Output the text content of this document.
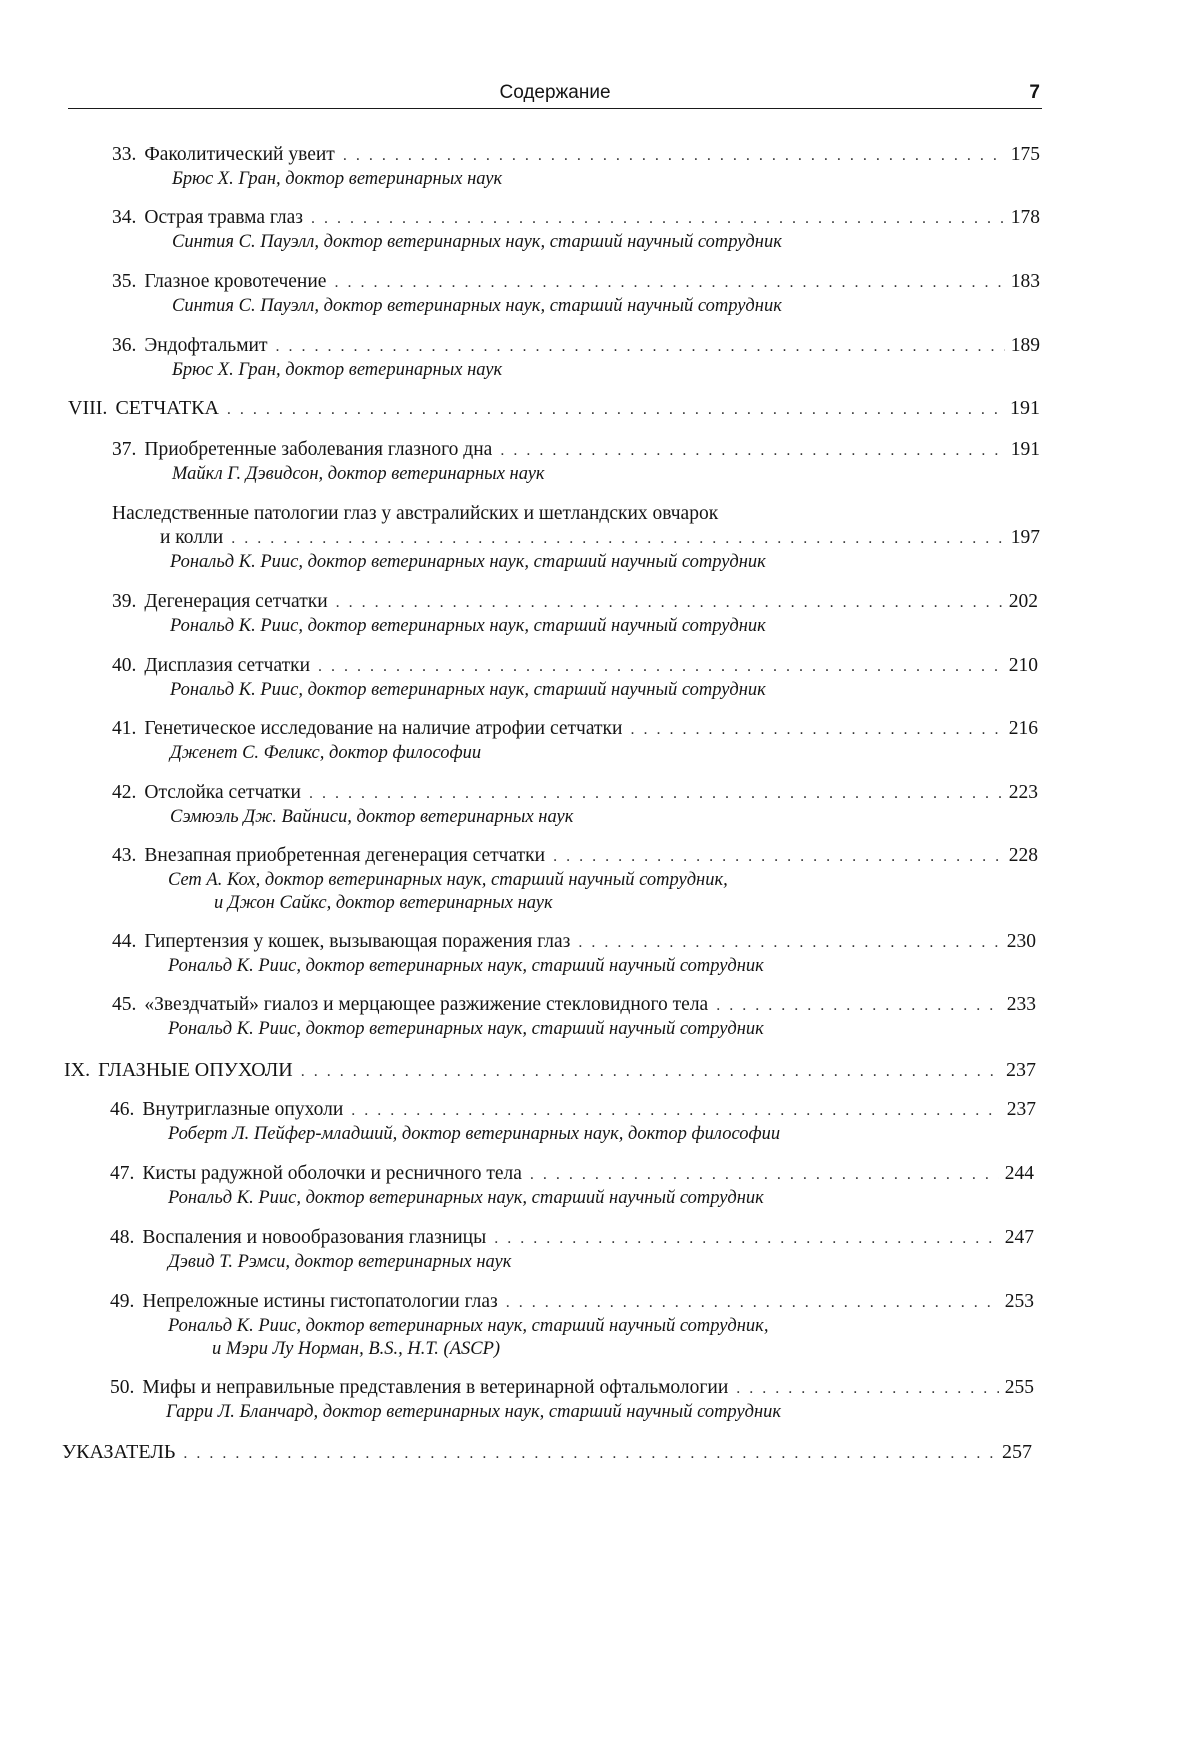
Содержание	7
33. Факолитический увеит . . .	175
Брюс Х. Гран, доктор ветеринарных наук
34. Острая травма глаз . . .	178
Синтия С. Пауэлл, доктор ветеринарных наук, старший научный сотрудник
35. Глазное кровотечение . . .	183
Синтия С. Пауэлл, доктор ветеринарных наук, старший научный сотрудник
36. Эндофтальмит . . .	189
Брюс Х. Гран, доктор ветеринарных наук
VIII. СЕТЧАТКА . . .	191
37. Приобретенные заболевания глазного дна . . .	191
Майкл Г. Дэвидсон, доктор ветеринарных наук
Наследственные патологии глаз у австралийских и шетландских овчарок
и колли . . .	197
Рональд К. Риис, доктор ветеринарных наук, старший научный сотрудник
39. Дегенерация сетчатки . . .	202
Рональд К. Риис, доктор ветеринарных наук, старший научный сотрудник
40. Дисплазия сетчатки . . .	210
Рональд К. Риис, доктор ветеринарных наук, старший научный сотрудник
41. Генетическое исследование на наличие атрофии сетчатки . . .	216
Дженет С. Феликс, доктор философии
42. Отслойка сетчатки . . .	223
Сэмюэль Дж. Вайниси, доктор ветеринарных наук
43. Внезапная приобретенная дегенерация сетчатки . . .	228
Сет А. Кох, доктор ветеринарных наук, старший научный сотрудник,
и Джон Сайкс, доктор ветеринарных наук
44. Гипертензия у кошек, вызывающая поражения глаз . . .	230
Рональд К. Риис, доктор ветеринарных наук, старший научный сотрудник
45. «Звездчатый» гиалоз и мерцающее разжижение стекловидного тела . . .	233
Рональд К. Риис, доктор ветеринарных наук, старший научный сотрудник
IX. ГЛАЗНЫЕ ОПУХОЛИ . . .	237
46. Внутриглазные опухоли . . .	237
Роберт Л. Пейфер-младший, доктор ветеринарных наук, доктор философии
47. Кисты радужной оболочки и ресничного тела . . .	244
Рональд К. Риис, доктор ветеринарных наук, старший научный сотрудник
48. Воспаления и новообразования глазницы . . .	247
Дэвид Т. Рэмси, доктор ветеринарных наук
49. Непреложные истины гистопатологии глаз . . .	253
Рональд К. Риис, доктор ветеринарных наук, старший научный сотрудник,
и Мэри Лу Норман, B.S., H.T. (ASCP)
50. Мифы и неправильные представления в ветеринарной офтальмологии . . .	255
Гарри Л. Бланчард, доктор ветеринарных наук, старший научный сотрудник
УКАЗАТЕЛЬ . . .	257
